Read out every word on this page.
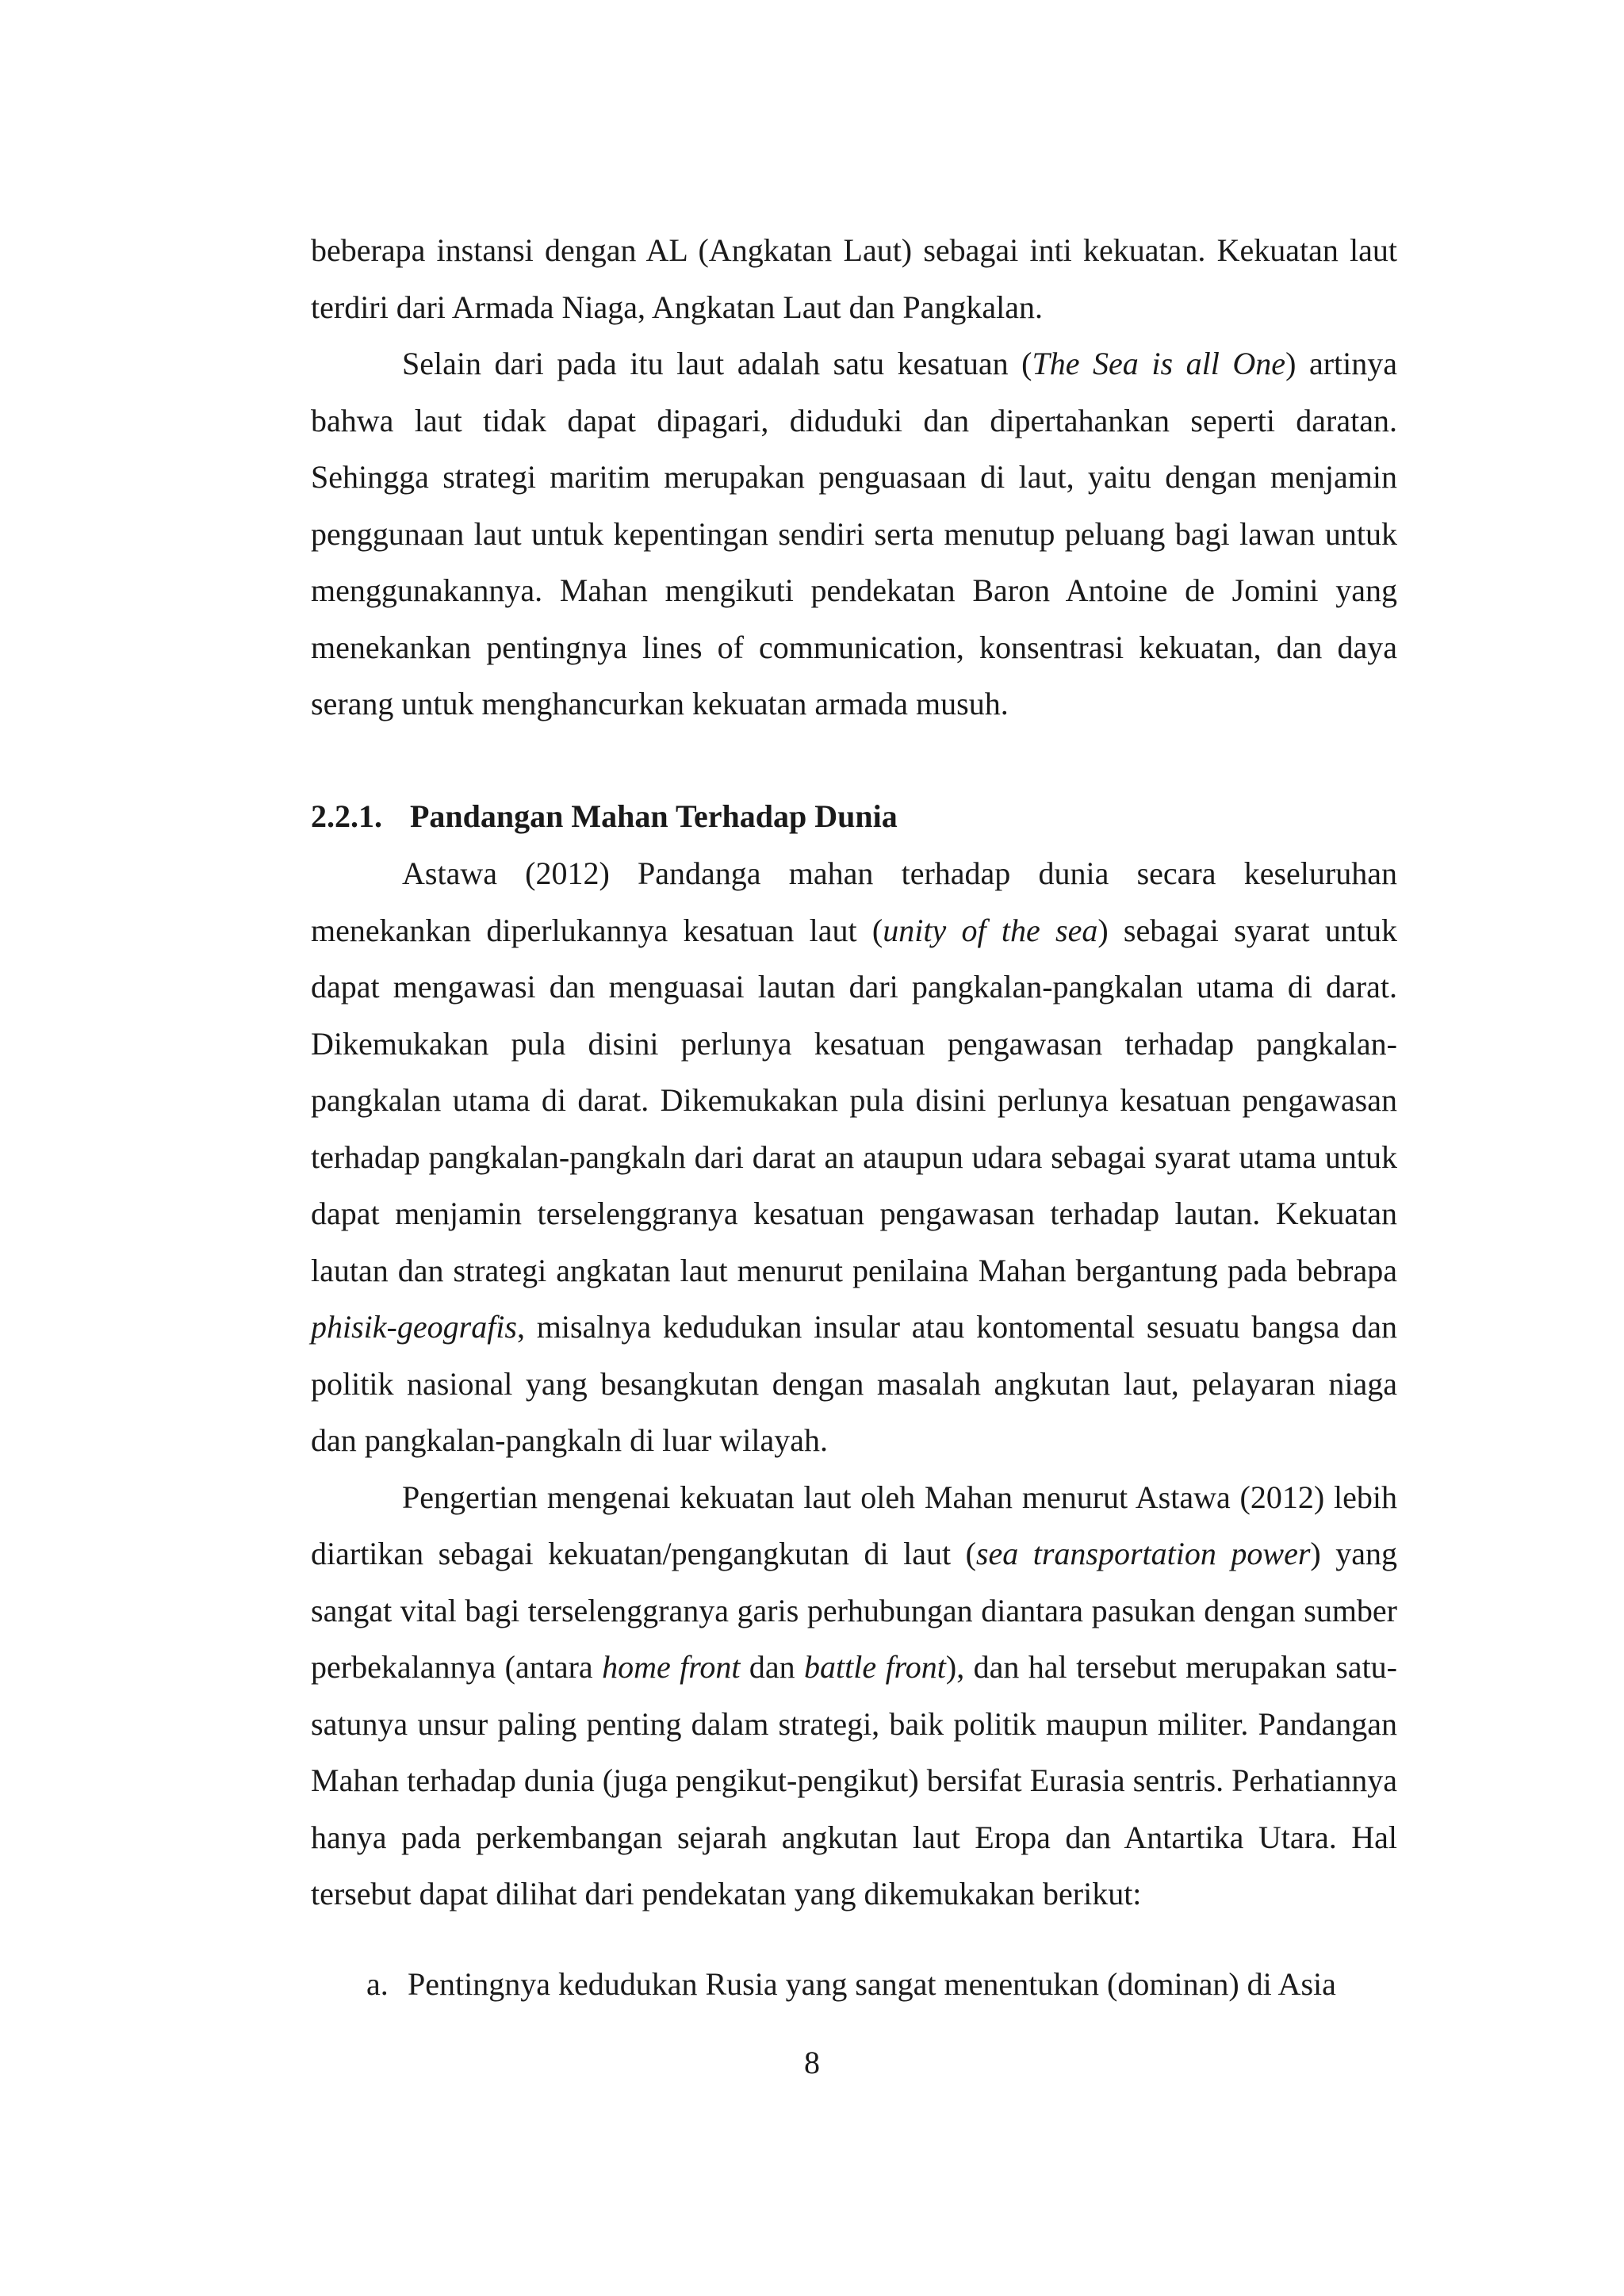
beberapa instansi dengan AL (Angkatan Laut) sebagai inti kekuatan. Kekuatan laut terdiri dari Armada Niaga, Angkatan Laut dan Pangkalan.

Selain dari pada itu laut adalah satu kesatuan (The Sea is all One) artinya bahwa laut tidak dapat dipagari, diduduki dan dipertahankan seperti daratan. Sehingga strategi maritim merupakan penguasaan di laut, yaitu dengan menjamin penggunaan laut untuk kepentingan sendiri serta menutup peluang bagi lawan untuk menggunakannya. Mahan mengikuti pendekatan Baron Antoine de Jomini yang menekankan pentingnya lines of communication, konsentrasi kekuatan, dan daya serang untuk menghancurkan kekuatan armada musuh.

2.2.1. Pandangan Mahan Terhadap Dunia

Astawa (2012) Pandanga mahan terhadap dunia secara keseluruhan menekankan diperlukannya kesatuan laut (unity of the sea) sebagai syarat untuk dapat mengawasi dan menguasai lautan dari pangkalan-pangkalan utama di darat. Dikemukakan pula disini perlunya kesatuan pengawasan terhadap pangkalan-pangkalan utama di darat. Dikemukakan pula disini perlunya kesatuan pengawasan terhadap pangkalan-pangkaln dari darat an ataupun udara sebagai syarat utama untuk dapat menjamin terselenggranya kesatuan pengawasan terhadap lautan. Kekuatan lautan dan strategi angkatan laut menurut penilaina Mahan bergantung pada bebrapa phisik-geografis, misalnya kedudukan insular atau kontomental sesuatu bangsa dan politik nasional yang besangkutan dengan masalah angkutan laut, pelayaran niaga dan pangkalan-pangkaln di luar wilayah.

Pengertian mengenai kekuatan laut oleh Mahan menurut Astawa (2012) lebih diartikan sebagai kekuatan/pengangkutan di laut (sea transportation power) yang sangat vital bagi terselenggranya garis perhubungan diantara pasukan dengan sumber perbekalannya (antara home front dan battle front), dan hal tersebut merupakan satu-satunya unsur paling penting dalam strategi, baik politik maupun militer. Pandangan Mahan terhadap dunia (juga pengikut-pengikut) bersifat Eurasia sentris. Perhatiannya hanya pada perkembangan sejarah angkutan laut Eropa dan Antartika Utara. Hal tersebut dapat dilihat dari pendekatan yang dikemukakan berikut:

a. Pentingnya kedudukan Rusia yang sangat menentukan (dominan) di Asia
8
